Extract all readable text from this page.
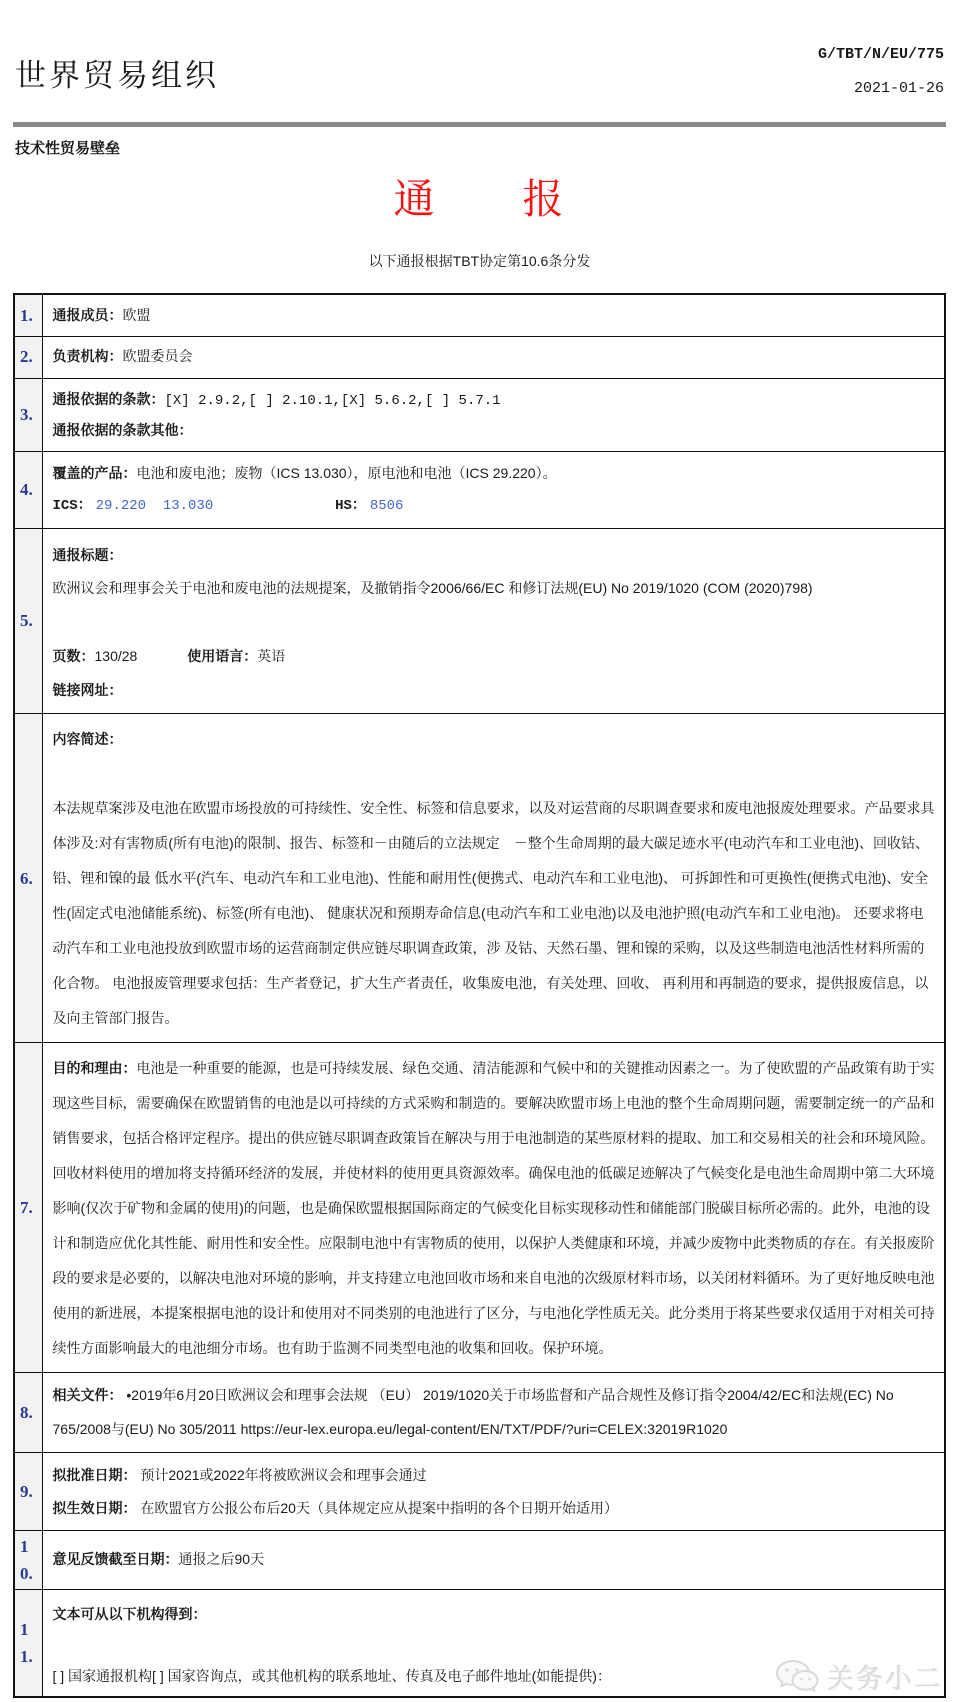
世界贸易组织
G/TBT/N/EU/775
2021-01-26
技术性贸易壁垒
通　　报
以下通报根据TBT协定第10.6条分发
1.	通报成员：欧盟
2.	负责机构：欧盟委员会
3.	通报依据的条款：[X] 2.9.2,[ ] 2.10.1,[X] 5.6.2,[ ] 5.7.1

通报依据的条款其他：

4.	覆盖的产品：电池和废电池；废物（ICS 13.030），原电池和电池（ICS 29.220）。

ICS： 29.220  13.030 HS： 8506

5.	通报标题：

欧洲议会和理事会关于电池和废电池的法规提案，及撤销指令2006/66/EC 和修订法规(EU) No 2019/1020 (COM (2020)798)

页数：130/28 使用语言：英语

链接网址：

6.	内容简述：

本法规草案涉及电池在欧盟市场投放的可持续性、安全性、标签和信息要求，以及对运营商的尽职调查要求和废电池报废处理要求。产品要求具体涉及:对有害物质(所有电池)的限制、报告、标签和－由随后的立法规定　－整个生命周期的最大碳足迹水平(电动汽车和工业电池)、回收钴、铅、锂和镍的最 低水平(汽车、电动汽车和工业电池)、性能和耐用性(便携式、电动汽车和工业电池)、 可拆卸性和可更换性(便携式电池)、安全性(固定式电池储能系统)、标签(所有电池)、 健康状况和预期寿命信息(电动汽车和工业电池)以及电池护照(电动汽车和工业电池)。 还要求将电动汽车和工业电池投放到欧盟市场的运营商制定供应链尽职调查政策，涉 及钴、天然石墨、锂和镍的采购，以及这些制造电池活性材料所需的化合物。 电池报废管理要求包括：生产者登记，扩大生产者责任，收集废电池，有关处理、回收、 再利用和再制造的要求，提供报废信息，以及向主管部门报告。

7.	目的和理由：电池是一种重要的能源，也是可持续发展、绿色交通、清洁能源和气候中和的关键推动因素之一。为了使欧盟的产品政策有助于实现这些目标，需要确保在欧盟销售的电池是以可持续的方式采购和制造的。要解决欧盟市场上电池的整个生命周期问题，需要制定统一的产品和销售要求，包括合格评定程序。提出的供应链尽职调查政策旨在解决与用于电池制造的某些原材料的提取、加工和交易相关的社会和环境风险。回收材料使用的增加将支持循环经济的发展，并使材料的使用更具资源效率。确保电池的低碳足迹解决了气候变化是电池生命周期中第二大环境影响(仅次于矿物和金属的使用)的问题，也是确保欧盟根据国际商定的气候变化目标实现移动性和储能部门脱碳目标所必需的。此外，电池的设计和制造应优化其性能、耐用性和安全性。应限制电池中有害物质的使用，以保护人类健康和环境，并减少废物中此类物质的存在。有关报废阶段的要求是必要的，以解决电池对环境的影响，并支持建立电池回收市场和来自电池的次级原材料市场，以关闭材料循环。为了更好地反映电池使用的新进展，本提案根据电池的设计和使用对不同类别的电池进行了区分，与电池化学性质无关。此分类用于将某些要求仅适用于对相关可持续性方面影响最大的电池细分市场。也有助于监测不同类型电池的收集和回收。保护环境。

8.	相关文件： •2019年6月20日欧洲议会和理事会法规 （EU） 2019/1020关于市场监督和产品合规性及修订指令2004/42/EC和法规(EC) No 765/2008与(EU) No 305/2011 https://eur-lex.europa.eu/legal-content/EN/TXT/PDF/?uri=CELEX:32019R1020

9.	拟批准日期： 预计2021或2022年将被欧洲议会和理事会通过

拟生效日期： 在欧盟官方公报公布后20天（具体规定应从提案中指明的各个日期开始适用）

10.	意见反馈截至日期：通报之后90天
11.	文本可从以下机构得到：

[ ] 国家通报机构[ ] 国家咨询点，或其他机构的联系地址、传真及电子邮件地址(如能提供)：	关务小二
